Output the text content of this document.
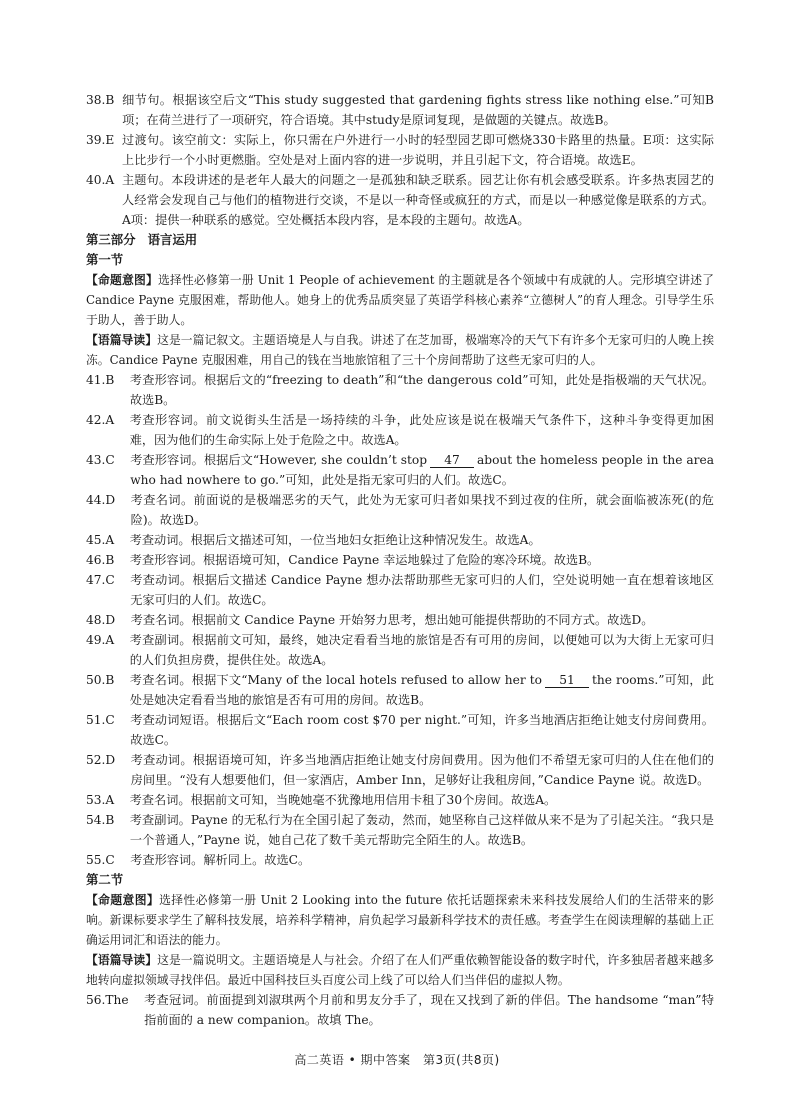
38.B 细节句。根据该空后文“This study suggested that gardening fights stress like nothing else.”可知B项；在荷兰进行了一项研究，符合语境。其中study是原词复现，是做题的关键点。故选B。
39.E 过渡句。该空前文：实际上，你只需在户外进行一小时的轻型园艺即可燃烧330卡路里的热量。E项：这实际上比步行一个小时更燃脂。空处是对上面内容的进一步说明，并且引起下文，符合语境。故选E。
40.A 主题句。本段讲述的是老年人最大的问题之一是孤独和缺乏联系。园艺让你有机会感受联系。许多热衷园艺的人经常会发现自己与他们的植物进行交谈，不是以一种奇怪或疯狂的方式，而是以一种感觉像是联系的方式。A项：提供一种联系的感觉。空处概括本段内容，是本段的主题句。故选A。
第三部分 语言运用
第一节
【命题意图】选择性必修第一册 Unit 1 People of achievement 的主题就是各个领域中有成就的人。完形填空讲述了 Candice Payne 克服困难，帮助他人。她身上的优秀品质突显了英语学科核心素养“立德树人”的育人理念。引导学生乐于助人，善于助人。
【语篇导读】这是一篇记叙文。主题语境是人与自我。讲述了在芝加哥，极端寒冷的天气下有许多个无家可归的人晚上挨冻。Candice Payne 克服困难，用自己的钱在当地旅馆租了三十个房间帮助了这些无家可归的人。
41.B 考查形容词。根据后文的“freezing to death”和“the dangerous cold”可知，此处是指极端的天气状况。故选B。
42.A 考查形容词。前文说街头生活是一场持续的斗争，此处应该是说在极端天气条件下，这种斗争变得更加困难，因为他们的生命实际上处于危险之中。故选A。
43.C 考查形容词。根据后文“However, she couldn’t stop 47 about the homeless people in the area who had nowhere to go.”可知，此处是指无家可归的人们。故选C。
44.D 考查名词。前面说的是极端恶劣的天气，此处为无家可归者如果找不到过夜的住所，就会面临被冻死(的危险)。故选D。
45.A 考查动词。根据后文描述可知，一位当地妇女拒绝让这种情况发生。故选A。
46.B 考查形容词。根据语境可知，Candice Payne 幸运地躲过了危险的寒冷环境。故选B。
47.C 考查动词。根据后文描述 Candice Payne 想办法帮助那些无家可归的人们，空处说明她一直在想着该地区无家可归的人们。故选C。
48.D 考查名词。根据前文 Candice Payne 开始努力思考，想出她可能提供帮助的不同方式。故选D。
49.A 考查副词。根据前文可知，最终，她决定看看当地的旅馆是否有可用的房间，以便她可以为大街上无家可归的人们负担房费，提供住处。故选A。
50.B 考查名词。根据下文“Many of the local hotels refused to allow her to 51 the rooms.”可知，此处是她决定看看当地的旅馆是否有可用的房间。故选B。
51.C 考查动词短语。根据后文“Each room cost $70 per night.”可知，许多当地酒店拒绝让她支付房间费用。故选C。
52.D 考查动词。根据语境可知，许多当地酒店拒绝让她支付房间费用。因为他们不希望无家可归的人住在他们的房间里。“没有人想要他们，但一家酒店，Amber Inn，足够好让我租房间，”Candice Payne 说。故选D。
53.A 考查名词。根据前文可知，当晚她毫不犹豫地用信用卡租了30个房间。故选A。
54.B 考查副词。Payne 的无私行为在全国引起了轰动，然而，她坚称自己这样做从来不是为了引起关注。“我只是一个普通人，”Payne 说，她自己花了数千美元帮助完全陌生的人。故选B。
55.C 考查形容词。解析同上。故选C。
第二节
【命题意图】选择性必修第一册 Unit 2 Looking into the future 依托话题探索未来科技发展给人们的生活带来的影响。新课标要求学生了解科技发展，培养科学精神，肩负起学习最新科学技术的责任感。考查学生在阅读理解的基础上正确运用词汇和语法的能力。
【语篇导读】这是一篇说明文。主题语境是人与社会。介绍了在人们严重依赖智能设备的数字时代，许多独居者越来越多地转向虚拟领域寻找伴侣。最近中国科技巨头百度公司上线了可以给人们当伴侣的虚拟人物。
56.The 考查冠词。前面提到刘淑琪两个月前和男友分手了，现在又找到了新的伴侣。The handsome “man”特指前面的 a new companion。故填 The。
高二英语 • 期中答案　第3页(共8页)
